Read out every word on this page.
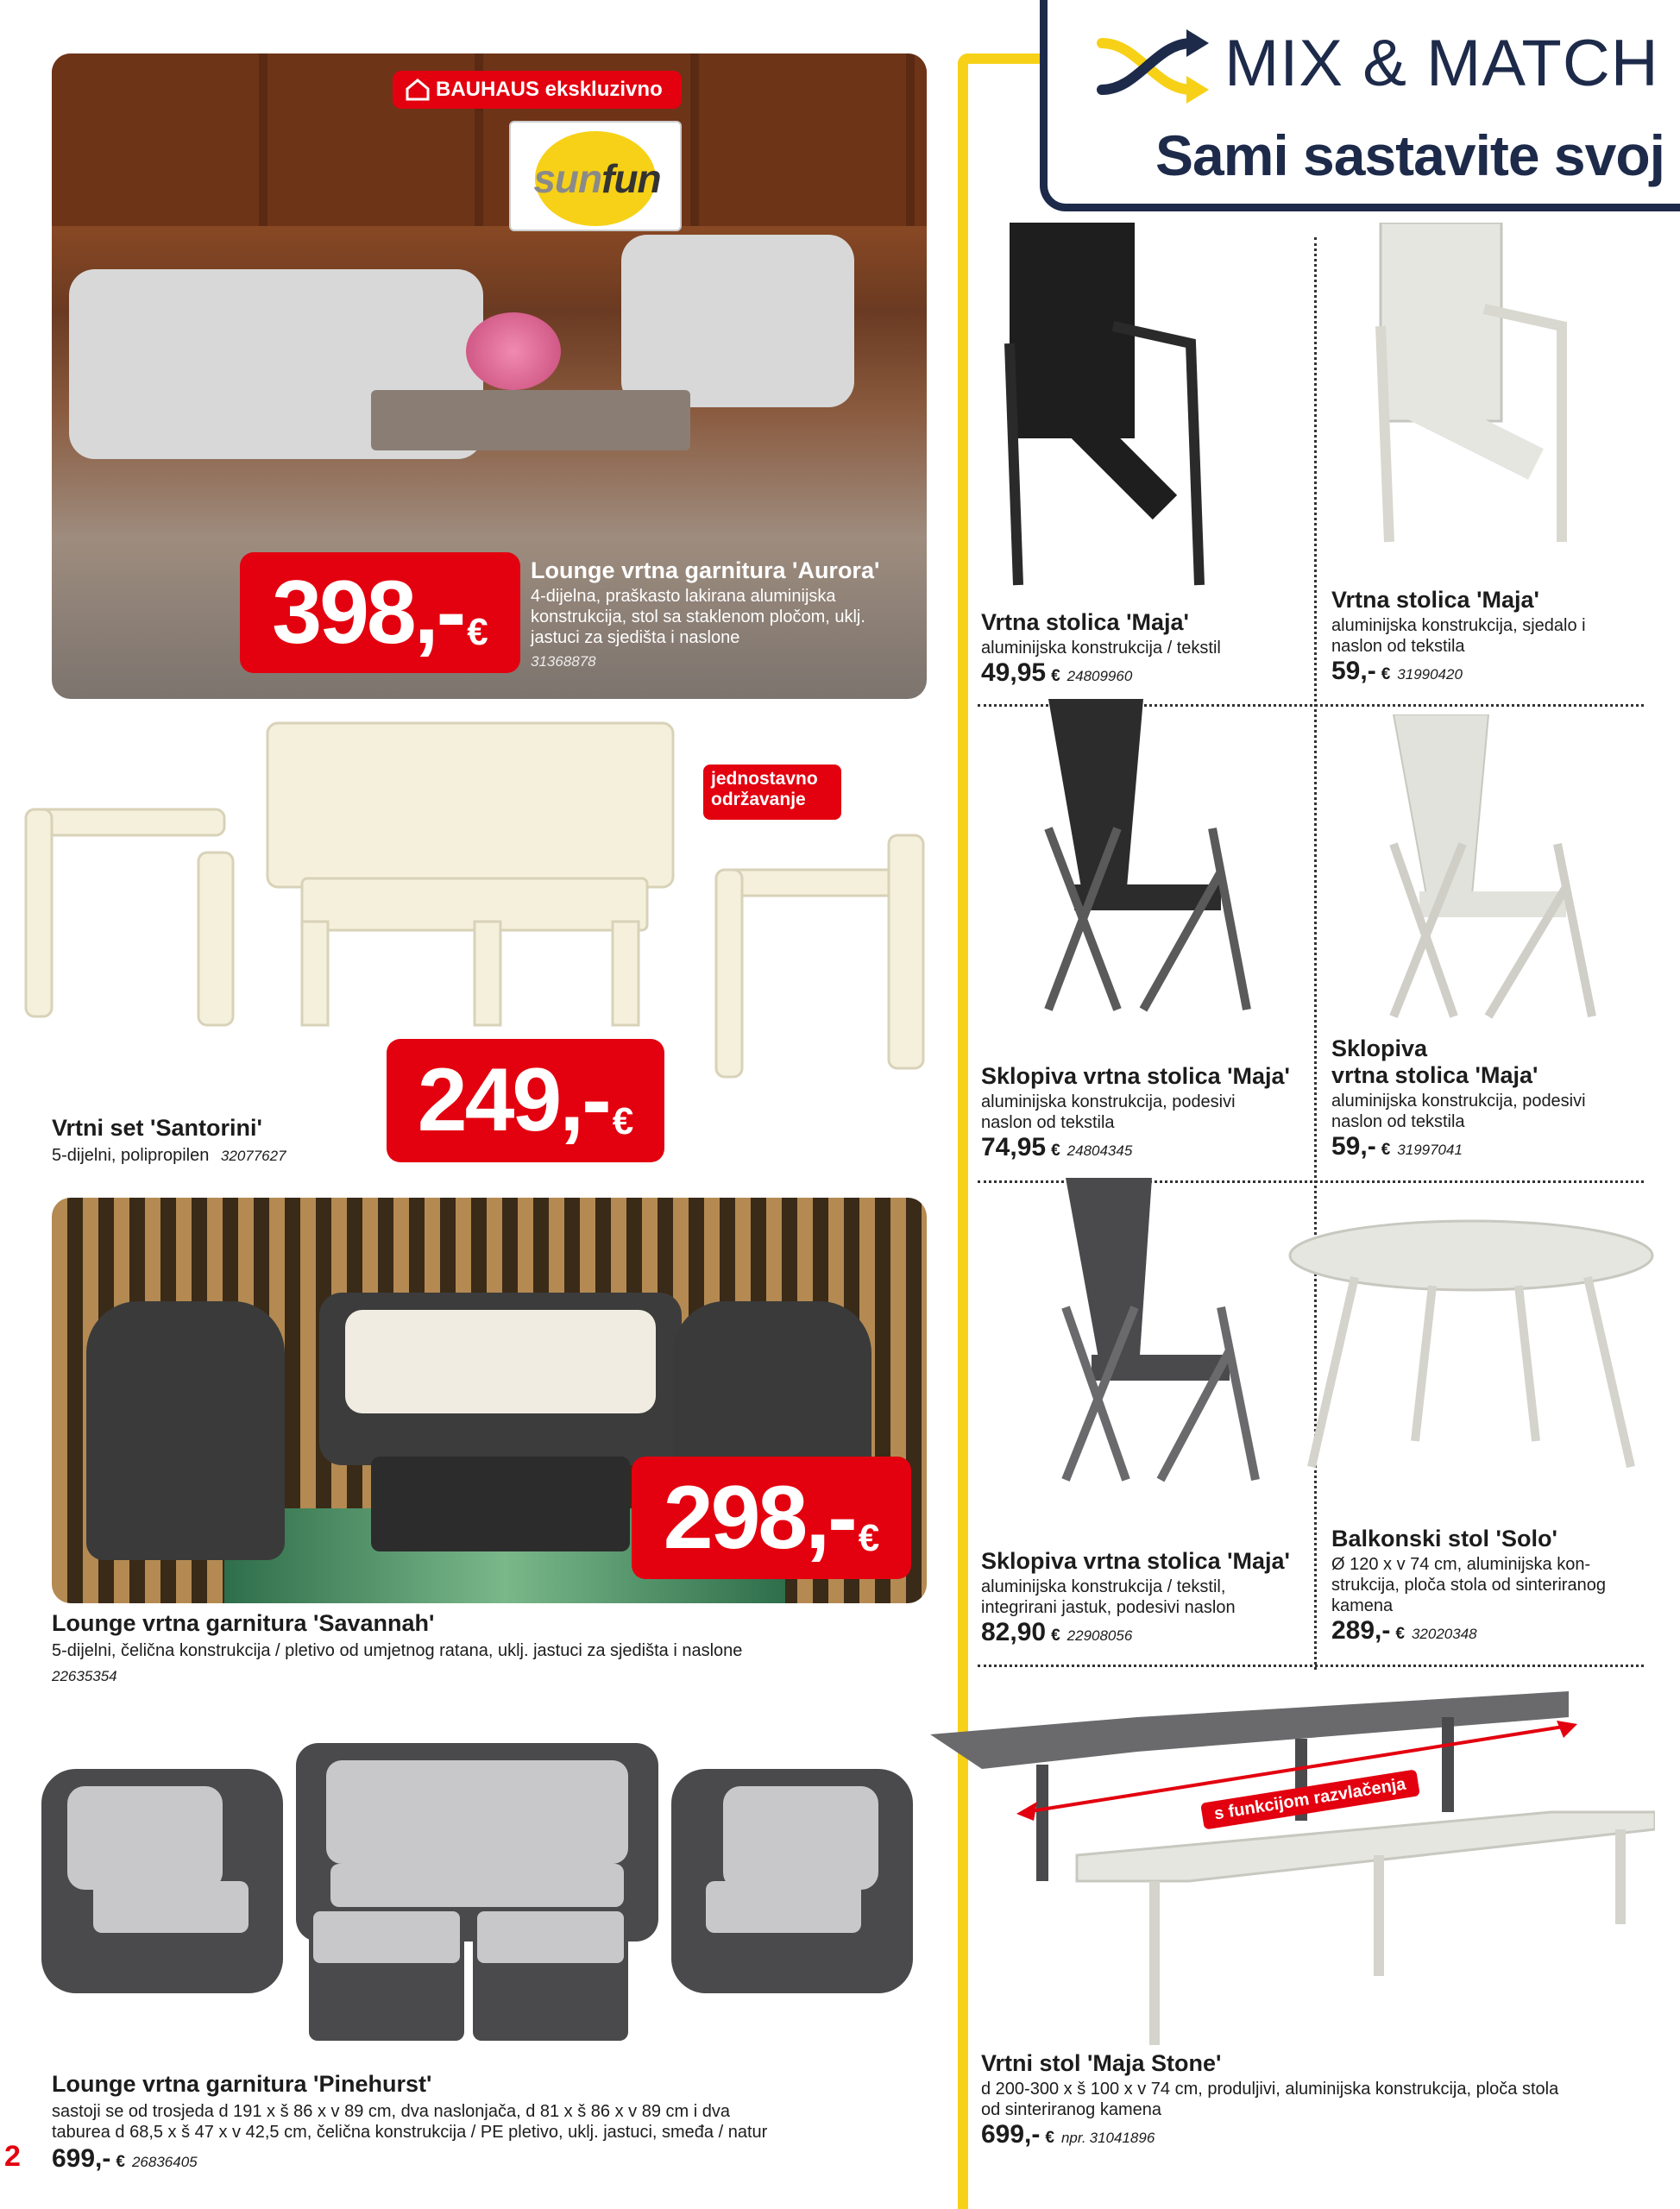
MIX & MATCH
Sami sastavite svoj
BAUHAUS ekskluzivno
sunfun
398,- €
Lounge vrtna garnitura 'Aurora'
4-dijelna, praškasto lakirana aluminijska
konstrukcija, stol sa staklenom pločom, uklj.
jastuci za sjedišta i naslone
31368878
jednostavno
održavanje
249,- €
Vrtni set 'Santorini'
5-dijelni, polipropilen 32077627
298,- €
Lounge vrtna garnitura 'Savannah'
5-dijelni, čelična konstrukcija / pletivo od umjetnog ratana, uklj. jastuci za sjedišta i naslone
22635354
Lounge vrtna garnitura 'Pinehurst'
sastoji se od trosjeda d 191 x š 86 x v 89 cm, dva naslonjača, d 81 x š 86 x v 89 cm i dva
taburea d 68,5 x š 47 x v 42,5 cm, čelična konstrukcija / PE pletivo, uklj. jastuci, smeđa / natur
699,- € 26836405
2
Vrtna stolica 'Maja'
aluminijska konstrukcija / tekstil
49,95 € 24809960
Vrtna stolica 'Maja'
aluminijska konstrukcija, sjedalo i
naslon od tekstila
59,- € 31990420
Sklopiva vrtna stolica 'Maja'
aluminijska konstrukcija, podesivi
naslon od tekstila
74,95 € 24804345
Sklopiva
vrtna stolica 'Maja'
aluminijska konstrukcija, podesivi
naslon od tekstila
59,- € 31997041
Sklopiva vrtna stolica 'Maja'
aluminijska konstrukcija / tekstil,
integrirani jastuk, podesivi naslon
82,90 € 22908056
Balkonski stol 'Solo'
Ø 120 x v 74 cm, aluminijska kon-
strukcija, ploča stola od sinteriranog
kamena
289,- € 32020348
s funkcijom razvlačenja
Vrtni stol 'Maja Stone'
d 200-300 x š 100 x v 74 cm, produljivi, aluminijska konstrukcija, ploča stola
od sinteriranog kamena
699,- € npr. 31041896
